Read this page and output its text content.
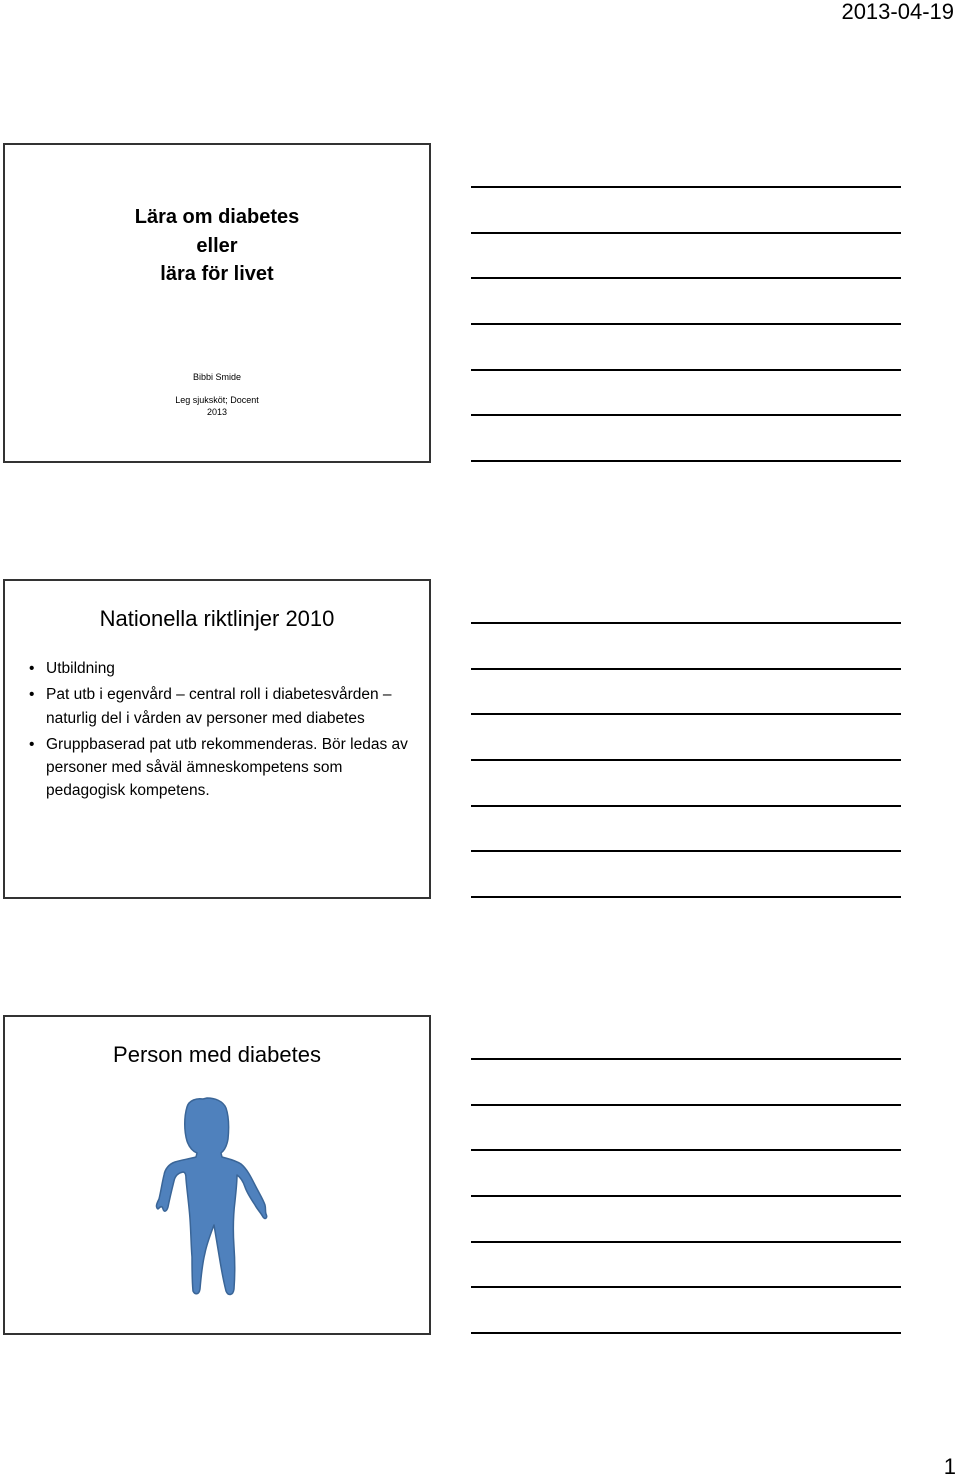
2013-04-19
Lära om diabetes
eller
lära för livet
Bibbi Smide
Leg sjuksköt; Docent
2013
Nationella riktlinjer 2010
• Utbildning
• Pat utb i egenvård – central roll i diabetesvården – naturlig del i vården av personer med diabetes
• Gruppbaserad pat utb rekommenderas. Bör ledas av personer med såväl ämneskompetens som pedagogisk kompetens.
Person med diabetes
1
